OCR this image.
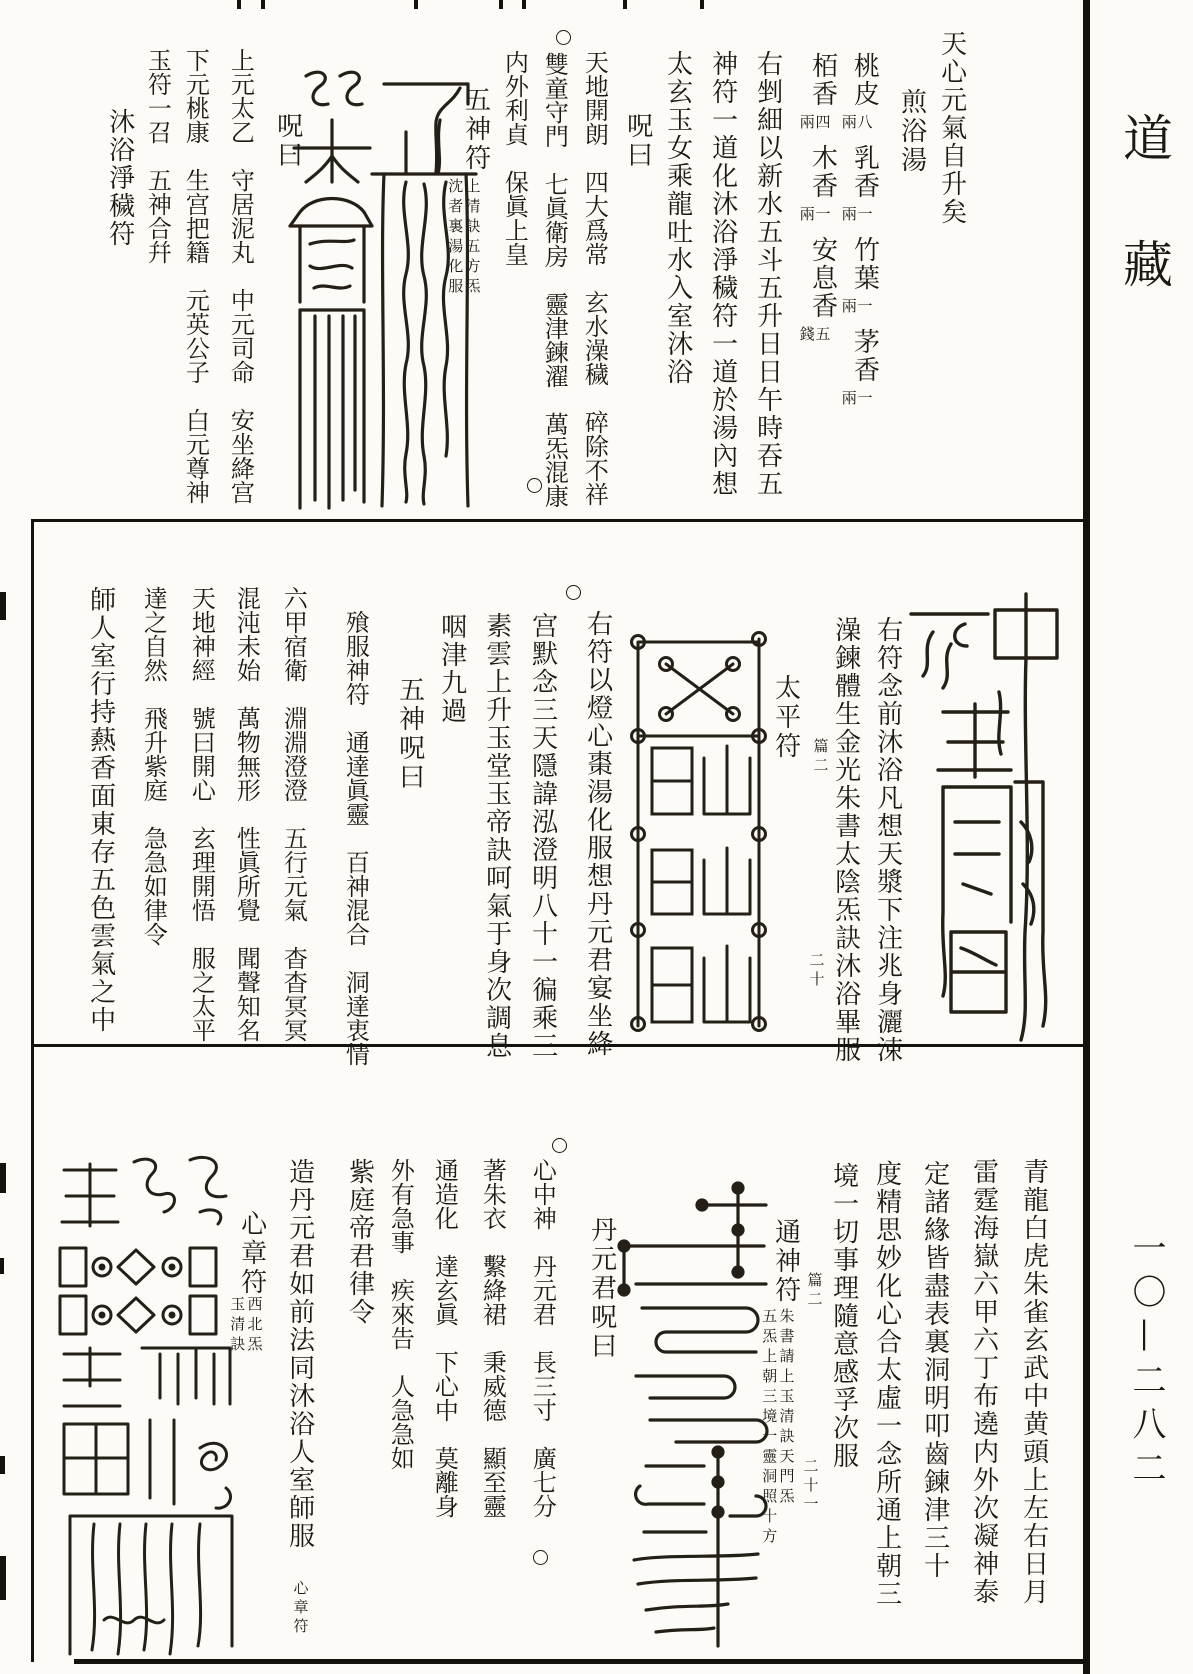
道
藏
一〇—二八二
天心元氣自升矣
煎浴湯
桃皮
八
兩
乳香
一
兩
竹葉
一
兩
茅香
一
兩
栢香
四
兩
木香
一
兩
安息香
五
錢
右剉細以新水五斗五升日日午時吞五
神符一道化沐浴淨穢符一道於湯內想
太玄玉女乘龍吐水入室沐浴
呪曰
天地開朗　四大爲常　玄水澡穢　碎除不祥
雙童守門　七眞衛房　靈津鍊濯　萬炁混康
内外利貞　保眞上皇
五神符
上清訣五方炁
沈者裏湯化服
呪曰
上元太乙　守居泥丸　中元司命　安坐絳宫
下元桃康　生宫把籍　元英公子　白元尊神
玉符一召　五神合幷
沐浴淨穢符
右符念前沐浴凡想天漿下注兆身灑涑
澡鍊體生金光朱書太陰炁訣沐浴畢服
太平符 篇二
二十
右符以燈心棗湯化服想丹元君宴坐絳
宫默念三天隱諱泓澄明八十一徧乘三
素雲上升玉堂玉帝訣呵氣于身次調息
咽津九過
五神呪曰
飱服神符　通達眞靈　百神混合　洞達衷情
六甲宿衛　淵淵澄澄　五行元氣　杳杳冥冥
混沌未始　萬物無形　性眞所覺　聞聲知名
天地神經　號曰開心　玄理開悟　服之太平
達之自然　飛升紫庭　急急如律令
師人室行持爇香面東存五色雲氣之中
青龍白虎朱雀玄武中黄頭上左右日月
雷霆海嶽六甲六丁布遶内外次凝神泰
定諸緣皆盡表裏洞明叩齒鍊津三十
度精思妙化心合太虛一念所通上朝三
境一切事理隨意感孚次服
通神符 篇二
二十一
朱書請上玉清訣天門炁
五炁上朝三境一靈洞照十方
丹元君呪曰
心中神　丹元君　長三寸　廣七分
著朱衣　繫絳裙　秉威德　顯至靈
通造化　達玄眞　下心中　莫離身
外有急事　疾來告　人急急如
紫庭帝君律令
造丹元君如前法同沐浴人室師服
心章符
心章符
西北炁
玉清訣
